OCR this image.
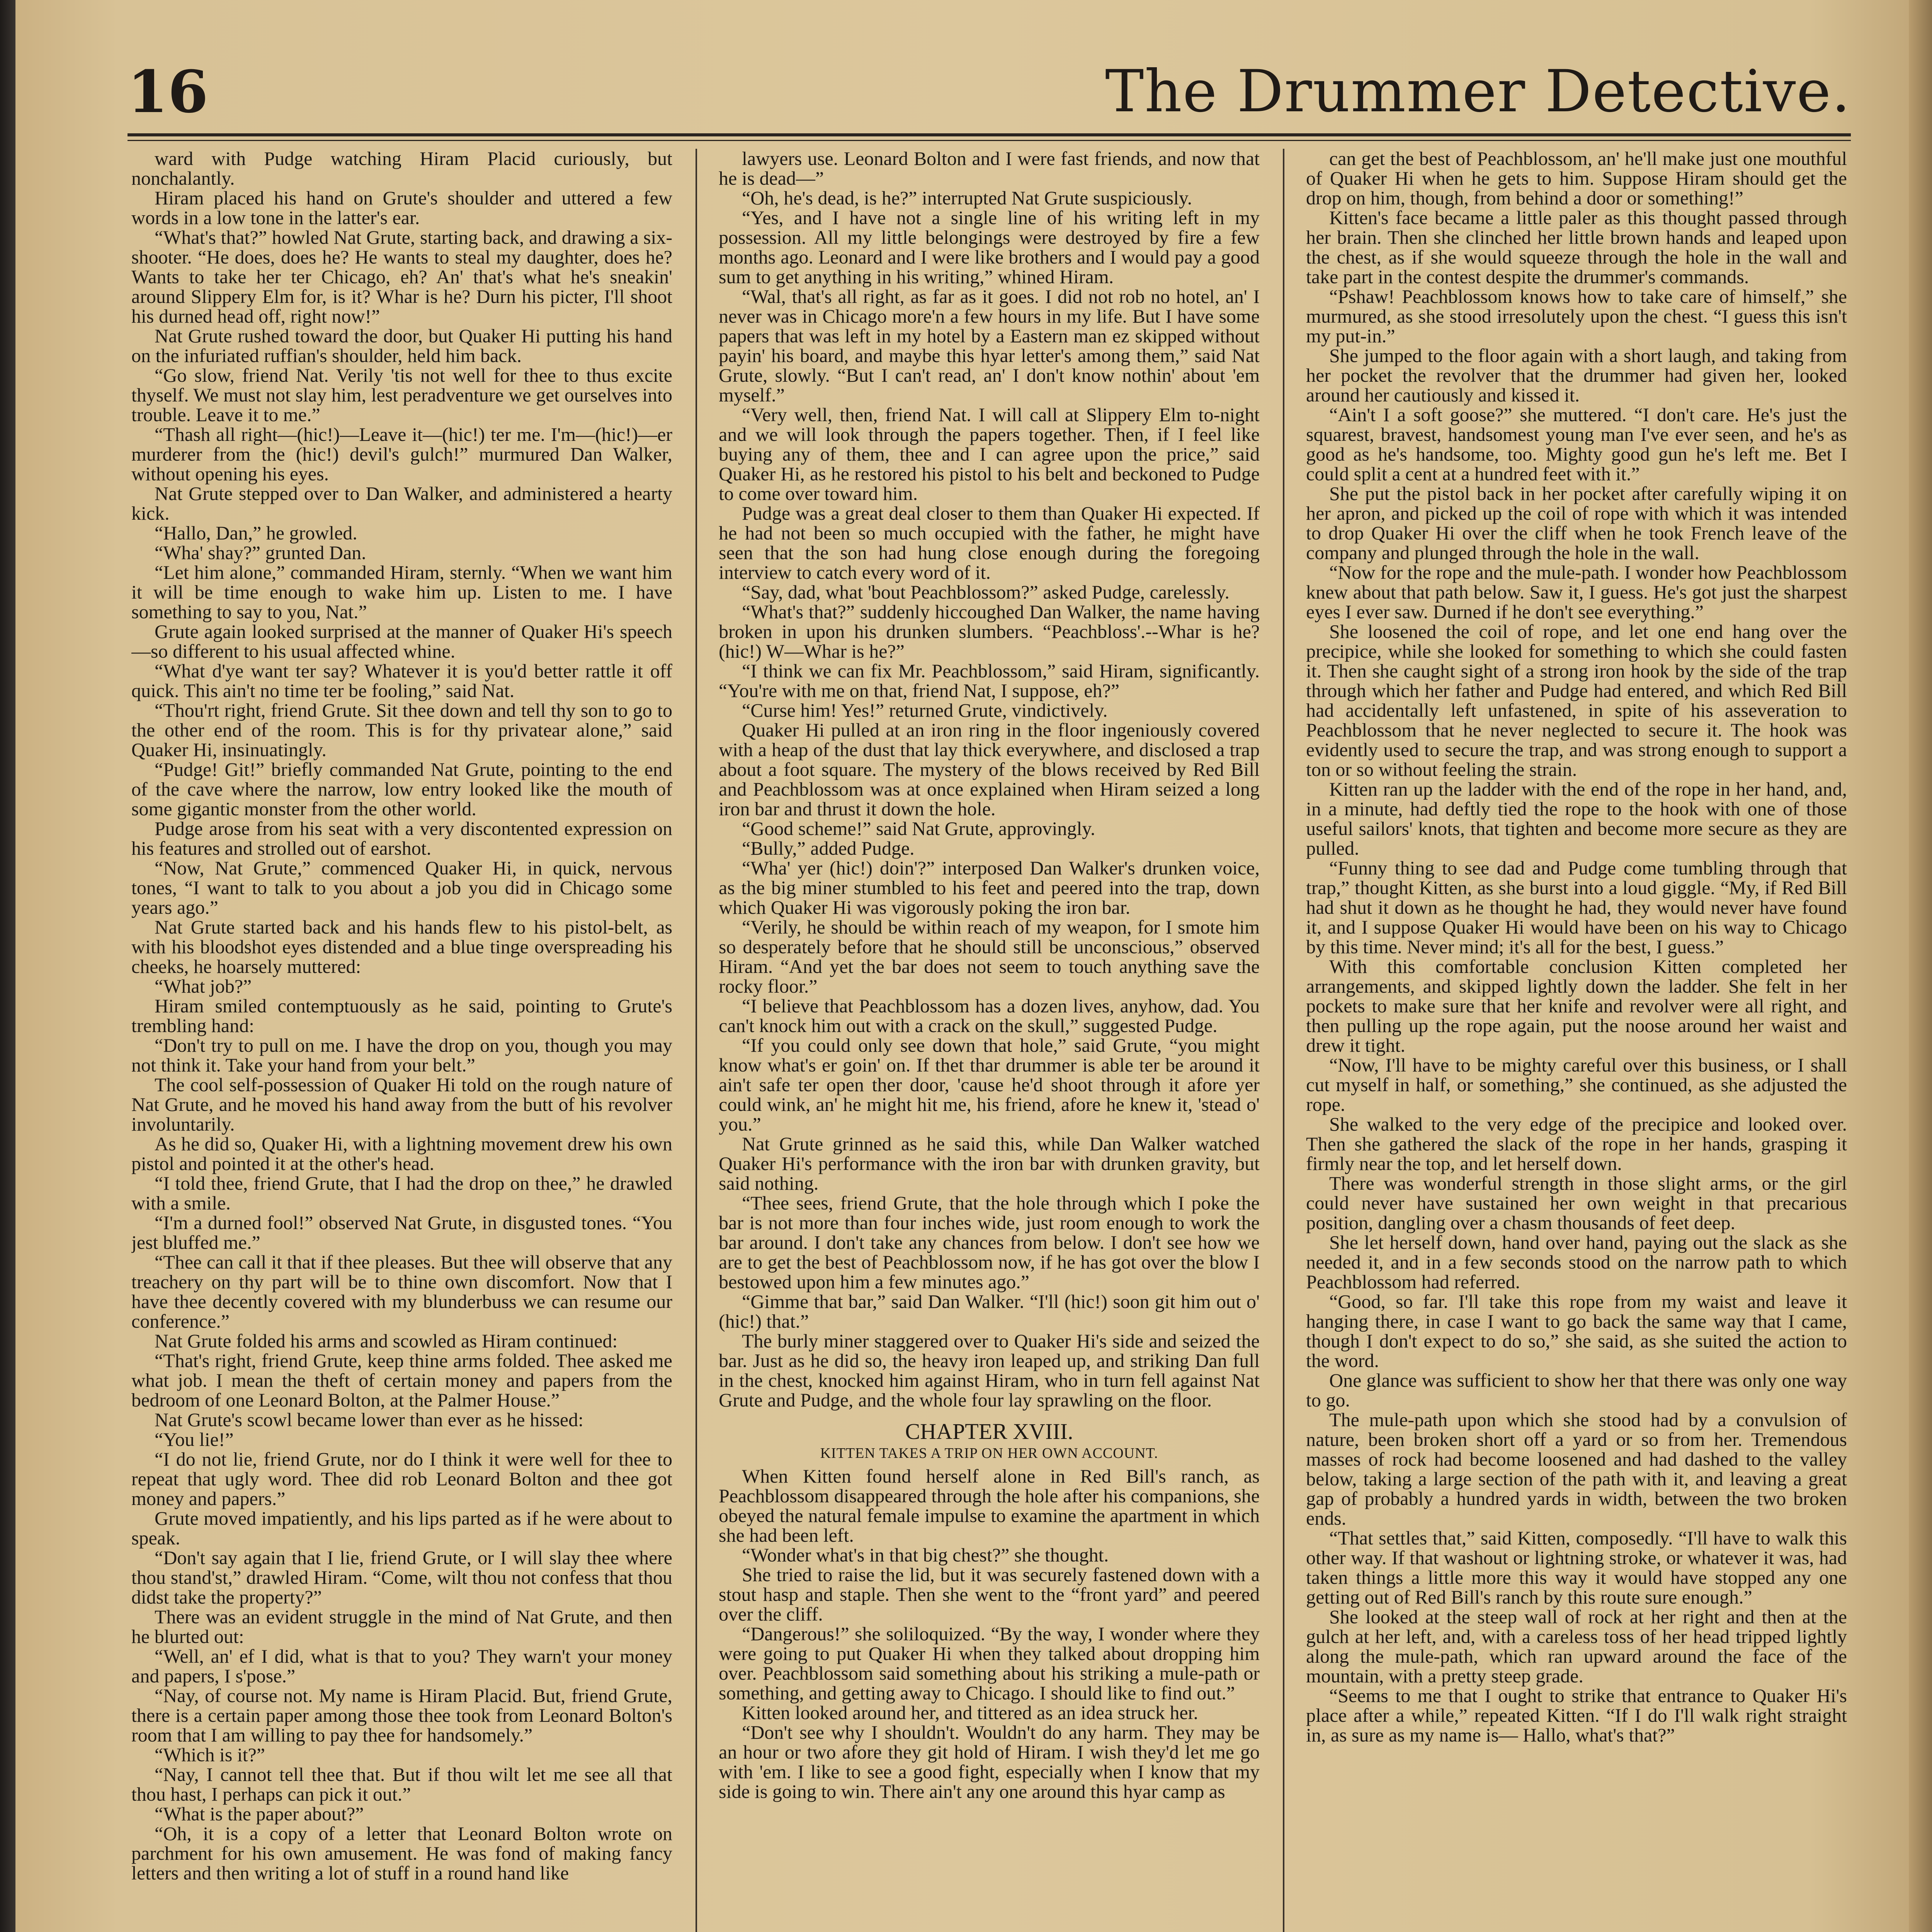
16	The Drummer Detective.

ward with Pudge watching Hiram Placid curiously, but nonchalantly.

Hiram placed his hand on Grute's shoulder and uttered a few words in a low tone in the latter's ear.

“What's that?” howled Nat Grute, starting back, and drawing a six-shooter. “He does, does he? He wants to steal my daughter, does he? Wants to take her ter Chicago, eh? An' that's what he's sneakin' around Slippery Elm for, is it? Whar is he? Durn his picter, I'll shoot his durned head off, right now!”

Nat Grute rushed toward the door, but Quaker Hi putting his hand on the infuriated ruffian's shoulder, held him back.

“Go slow, friend Nat. Verily 'tis not well for thee to thus excite thyself. We must not slay him, lest peradventure we get ourselves into trouble. Leave it to me.”

“Thash all right—(hic!)—Leave it—(hic!) ter me. I'm—(hic!)—er murderer from the (hic!) devil's gulch!” murmured Dan Walker, without opening his eyes.

Nat Grute stepped over to Dan Walker, and administered a hearty kick.

“Hallo, Dan,” he growled.

“Wha' shay?” grunted Dan.

“Let him alone,” commanded Hiram, sternly. “When we want him it will be time enough to wake him up. Listen to me. I have something to say to you, Nat.”

Grute again looked surprised at the manner of Quaker Hi's speech—so different to his usual affected whine.

“What d'ye want ter say? Whatever it is you'd better rattle it off quick. This ain't no time ter be fooling,” said Nat.

“Thou'rt right, friend Grute. Sit thee down and tell thy son to go to the other end of the room. This is for thy privatear alone,” said Quaker Hi, insinuatingly.

“Pudge! Git!” briefly commanded Nat Grute, pointing to the end of the cave where the narrow, low entry looked like the mouth of some gigantic monster from the other world.

Pudge arose from his seat with a very discontented expression on his features and strolled out of earshot.

“Now, Nat Grute,” commenced Quaker Hi, in quick, nervous tones, “I want to talk to you about a job you did in Chicago some years ago.”

Nat Grute started back and his hands flew to his pistol-belt, as with his bloodshot eyes distended and a blue tinge overspreading his cheeks, he hoarsely muttered:

“What job?”

Hiram smiled contemptuously as he said, pointing to Grute's trembling hand:

“Don't try to pull on me. I have the drop on you, though you may not think it. Take your hand from your belt.”

The cool self-possession of Quaker Hi told on the rough nature of Nat Grute, and he moved his hand away from the butt of his revolver involuntarily.

As he did so, Quaker Hi, with a lightning movement drew his own pistol and pointed it at the other's head.

“I told thee, friend Grute, that I had the drop on thee,” he drawled with a smile.

“I'm a durned fool!” observed Nat Grute, in disgusted tones. “You jest bluffed me.”

“Thee can call it that if thee pleases. But thee will observe that any treachery on thy part will be to thine own discomfort. Now that I have thee decently covered with my blunderbuss we can resume our conference.”

Nat Grute folded his arms and scowled as Hiram continued:

“That's right, friend Grute, keep thine arms folded. Thee asked me what job. I mean the theft of certain money and papers from the bedroom of one Leonard Bolton, at the Palmer House.”

Nat Grute's scowl became lower than ever as he hissed:

“You lie!”

“I do not lie, friend Grute, nor do I think it were well for thee to repeat that ugly word. Thee did rob Leonard Bolton and thee got money and papers.”

Grute moved impatiently, and his lips parted as if he were about to speak.

“Don't say again that I lie, friend Grute, or I will slay thee where thou stand'st,” drawled Hiram. “Come, wilt thou not confess that thou didst take the property?”

There was an evident struggle in the mind of Nat Grute, and then he blurted out:

“Well, an' ef I did, what is that to you? They warn't your money and papers, I s'pose.”

“Nay, of course not. My name is Hiram Placid. But, friend Grute, there is a certain paper among those thee took from Leonard Bolton's room that I am willing to pay thee for handsomely.”

“Which is it?”

“Nay, I cannot tell thee that. But if thou wilt let me see all that thou hast, I perhaps can pick it out.”

“What is the paper about?”

“Oh, it is a copy of a letter that Leonard Bolton wrote on parchment for his own amusement. He was fond of making fancy letters and then writing a lot of stuff in a round hand like

lawyers use. Leonard Bolton and I were fast friends, and now that he is dead—”

“Oh, he's dead, is he?” interrupted Nat Grute suspiciously.

“Yes, and I have not a single line of his writing left in my possession. All my little belongings were destroyed by fire a few months ago. Leonard and I were like brothers and I would pay a good sum to get anything in his writing,” whined Hiram.

“Wal, that's all right, as far as it goes. I did not rob no hotel, an' I never was in Chicago more'n a few hours in my life. But I have some papers that was left in my hotel by a Eastern man ez skipped without payin' his board, and maybe this hyar letter's among them,” said Nat Grute, slowly. “But I can't read, an' I don't know nothin' about 'em myself.”

“Very well, then, friend Nat. I will call at Slippery Elm to-night and we will look through the papers together. Then, if I feel like buying any of them, thee and I can agree upon the price,” said Quaker Hi, as he restored his pistol to his belt and beckoned to Pudge to come over toward him.

Pudge was a great deal closer to them than Quaker Hi expected. If he had not been so much occupied with the father, he might have seen that the son had hung close enough during the foregoing interview to catch every word of it.

“Say, dad, what 'bout Peachblossom?” asked Pudge, carelessly.

“What's that?” suddenly hiccoughed Dan Walker, the name having broken in upon his drunken slumbers. “Peachbloss'.--Whar is he? (hic!) W—Whar is he?”

“I think we can fix Mr. Peachblossom,” said Hiram, significantly. “You're with me on that, friend Nat, I suppose, eh?”

“Curse him! Yes!” returned Grute, vindictively.

Quaker Hi pulled at an iron ring in the floor ingeniously covered with a heap of the dust that lay thick everywhere, and disclosed a trap about a foot square. The mystery of the blows received by Red Bill and Peachblossom was at once explained when Hiram seized a long iron bar and thrust it down the hole.

“Good scheme!” said Nat Grute, approvingly.

“Bully,” added Pudge.

“Wha' yer (hic!) doin'?” interposed Dan Walker's drunken voice, as the big miner stumbled to his feet and peered into the trap, down which Quaker Hi was vigorously poking the iron bar.

“Verily, he should be within reach of my weapon, for I smote him so desperately before that he should still be unconscious,” observed Hiram. “And yet the bar does not seem to touch anything save the rocky floor.”

“I believe that Peachblossom has a dozen lives, anyhow, dad. You can't knock him out with a crack on the skull,” suggested Pudge.

“If you could only see down that hole,” said Grute, “you might know what's er goin' on. If thet thar drummer is able ter be around it ain't safe ter open ther door, 'cause he'd shoot through it afore yer could wink, an' he might hit me, his friend, afore he knew it, 'stead o' you.”

Nat Grute grinned as he said this, while Dan Walker watched Quaker Hi's performance with the iron bar with drunken gravity, but said nothing.

“Thee sees, friend Grute, that the hole through which I poke the bar is not more than four inches wide, just room enough to work the bar around. I don't take any chances from below. I don't see how we are to get the best of Peachblossom now, if he has got over the blow I bestowed upon him a few minutes ago.”

“Gimme that bar,” said Dan Walker. “I'll (hic!) soon git him out o' (hic!) that.”

The burly miner staggered over to Quaker Hi's side and seized the bar. Just as he did so, the heavy iron leaped up, and striking Dan full in the chest, knocked him against Hiram, who in turn fell against Nat Grute and Pudge, and the whole four lay sprawling on the floor.

CHAPTER XVIII.

KITTEN TAKES A TRIP ON HER OWN ACCOUNT.

When Kitten found herself alone in Red Bill's ranch, as Peachblossom disappeared through the hole after his companions, she obeyed the natural female impulse to examine the apartment in which she had been left.

“Wonder what's in that big chest?” she thought.

She tried to raise the lid, but it was securely fastened down with a stout hasp and staple. Then she went to the “front yard” and peered over the cliff.

“Dangerous!” she soliloquized. “By the way, I wonder where they were going to put Quaker Hi when they talked about dropping him over. Peachblossom said something about his striking a mule-path or something, and getting away to Chicago. I should like to find out.”

Kitten looked around her, and tittered as an idea struck her.

“Don't see why I shouldn't. Wouldn't do any harm. They may be an hour or two afore they git hold of Hiram. I wish they'd let me go with 'em. I like to see a good fight, especially when I know that my side is going to win. There ain't any one around this hyar camp as

can get the best of Peachblossom, an' he'll make just one mouthful of Quaker Hi when he gets to him. Suppose Hiram should get the drop on him, though, from behind a door or something!”

Kitten's face became a little paler as this thought passed through her brain. Then she clinched her little brown hands and leaped upon the chest, as if she would squeeze through the hole in the wall and take part in the contest despite the drummer's commands.

“Pshaw! Peachblossom knows how to take care of himself,” she murmured, as she stood irresolutely upon the chest. “I guess this isn't my put-in.”

She jumped to the floor again with a short laugh, and taking from her pocket the revolver that the drummer had given her, looked around her cautiously and kissed it.

“Ain't I a soft goose?” she muttered. “I don't care. He's just the squarest, bravest, handsomest young man I've ever seen, and he's as good as he's handsome, too. Mighty good gun he's left me. Bet I could split a cent at a hundred feet with it.”

She put the pistol back in her pocket after carefully wiping it on her apron, and picked up the coil of rope with which it was intended to drop Quaker Hi over the cliff when he took French leave of the company and plunged through the hole in the wall.

“Now for the rope and the mule-path. I wonder how Peachblossom knew about that path below. Saw it, I guess. He's got just the sharpest eyes I ever saw. Durned if he don't see everything.”

She loosened the coil of rope, and let one end hang over the precipice, while she looked for something to which she could fasten it. Then she caught sight of a strong iron hook by the side of the trap through which her father and Pudge had entered, and which Red Bill had accidentally left unfastened, in spite of his asseveration to Peachblossom that he never neglected to secure it. The hook was evidently used to secure the trap, and was strong enough to support a ton or so without feeling the strain.

Kitten ran up the ladder with the end of the rope in her hand, and, in a minute, had deftly tied the rope to the hook with one of those useful sailors' knots, that tighten and become more secure as they are pulled.

“Funny thing to see dad and Pudge come tumbling through that trap,” thought Kitten, as she burst into a loud giggle. “My, if Red Bill had shut it down as he thought he had, they would never have found it, and I suppose Quaker Hi would have been on his way to Chicago by this time. Never mind; it's all for the best, I guess.”

With this comfortable conclusion Kitten completed her arrangements, and skipped lightly down the ladder. She felt in her pockets to make sure that her knife and revolver were all right, and then pulling up the rope again, put the noose around her waist and drew it tight.

“Now, I'll have to be mighty careful over this business, or I shall cut myself in half, or something,” she continued, as she adjusted the rope.

She walked to the very edge of the precipice and looked over. Then she gathered the slack of the rope in her hands, grasping it firmly near the top, and let herself down.

There was wonderful strength in those slight arms, or the girl could never have sustained her own weight in that precarious position, dangling over a chasm thousands of feet deep.

She let herself down, hand over hand, paying out the slack as she needed it, and in a few seconds stood on the narrow path to which Peachblossom had referred.

“Good, so far. I'll take this rope from my waist and leave it hanging there, in case I want to go back the same way that I came, though I don't expect to do so,” she said, as she suited the action to the word.

One glance was sufficient to show her that there was only one way to go.

The mule-path upon which she stood had by a convulsion of nature, been broken short off a yard or so from her. Tremendous masses of rock had become loosened and had dashed to the valley below, taking a large section of the path with it, and leaving a great gap of probably a hundred yards in width, between the two broken ends.

“That settles that,” said Kitten, composedly. “I'll have to walk this other way. If that washout or lightning stroke, or whatever it was, had taken things a little more this way it would have stopped any one getting out of Red Bill's ranch by this route sure enough.”

She looked at the steep wall of rock at her right and then at the gulch at her left, and, with a careless toss of her head tripped lightly along the mule-path, which ran upward around the face of the mountain, with a pretty steep grade.

“Seems to me that I ought to strike that entrance to Quaker Hi's place after a while,” repeated Kitten. “If I do I'll walk right straight in, as sure as my name is— Hallo, what's that?”
